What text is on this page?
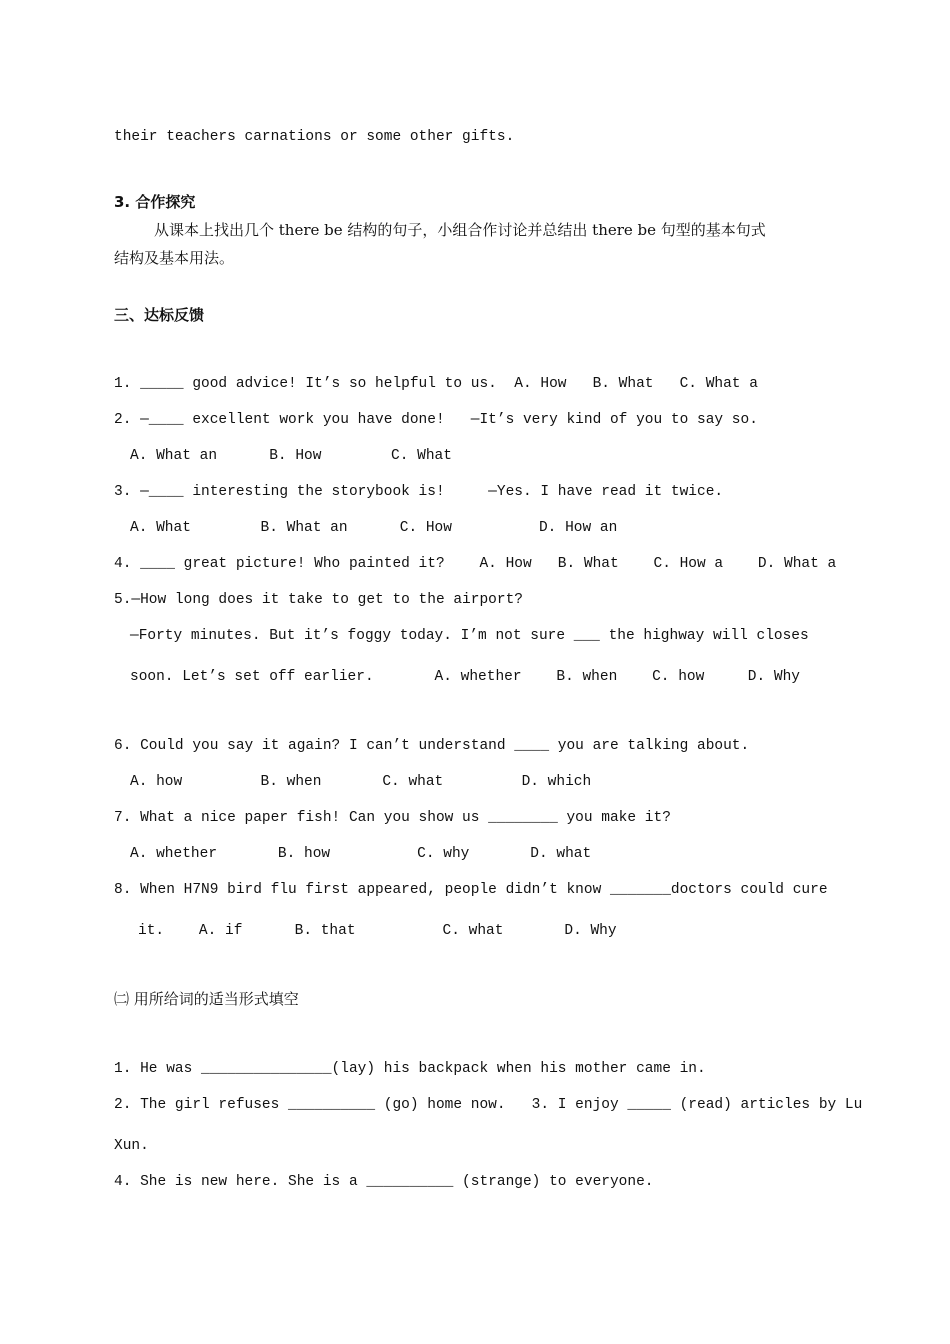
their teachers carnations or some other gifts.
3. 合作探究
从课本上找出几个 there be 结构的句子，小组合作讨论并总结出 there be 句型的基本句式
结构及基本用法。
三、达标反馈
1. _____ good advice! It’s so helpful to us.  A. How   B. What   C. What a
2. —____ excellent work you have done!   —It’s very kind of you to say so.
A. What an      B. How        C. What
3. —____ interesting the storybook is!     —Yes. I have read it twice.
A. What        B. What an      C. How          D. How an
4. ____ great picture! Who painted it?    A. How   B. What    C. How a    D. What a
5.—How long does it take to get to the airport?
—Forty minutes. But it’s foggy today. I’m not sure ___ the highway will closes
soon. Let’s set off earlier.       A. whether    B. when    C. how     D. Why
6. Could you say it again? I can’t understand ____ you are talking about.
A. how         B. when       C. what         D. which
7. What a nice paper fish! Can you show us ________ you make it?
A. whether       B. how          C. why       D. what
8. When H7N9 bird flu first appeared, people didn’t know _______doctors could cure
it.    A. if      B. that          C. what       D. Why
㈡ 用所给词的适当形式填空
1. He was _______________(lay) his backpack when his mother came in.
2. The girl refuses __________ (go) home now.   3. I enjoy _____ (read) articles by Lu
Xun.
4. She is new here. She is a __________ (strange) to everyone.
